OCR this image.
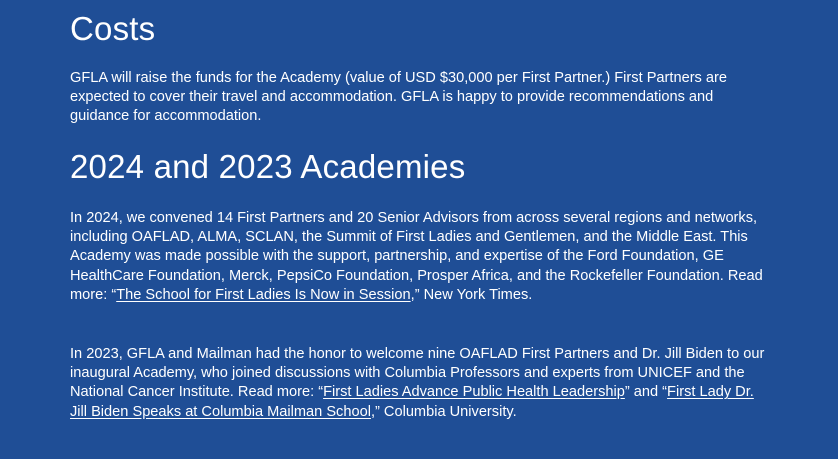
Costs

GFLA will raise the funds for the Academy (value of USD $30,000 per First Partner.) First Partners are expected to cover their travel and accommodation. GFLA is happy to provide recommendations and guidance for accommodation.

2024 and 2023 Academies

In 2024, we convened 14 First Partners and 20 Senior Advisors from across several regions and networks, including OAFLAD, ALMA, SCLAN, the Summit of First Ladies and Gentlemen, and the Middle East. This Academy was made possible with the support, partnership, and expertise of the Ford Foundation, GE HealthCare Foundation, Merck, PepsiCo Foundation, Prosper Africa, and the Rockefeller Foundation. Read more: “The School for First Ladies Is Now in Session,” New York Times.

In 2023, GFLA and Mailman had the honor to welcome nine OAFLAD First Partners and Dr. Jill Biden to our inaugural Academy, who joined discussions with Columbia Professors and experts from UNICEF and the National Cancer Institute. Read more: “First Ladies Advance Public Health Leadership” and “First Lady Dr. Jill Biden Speaks at Columbia Mailman School,” Columbia University.
